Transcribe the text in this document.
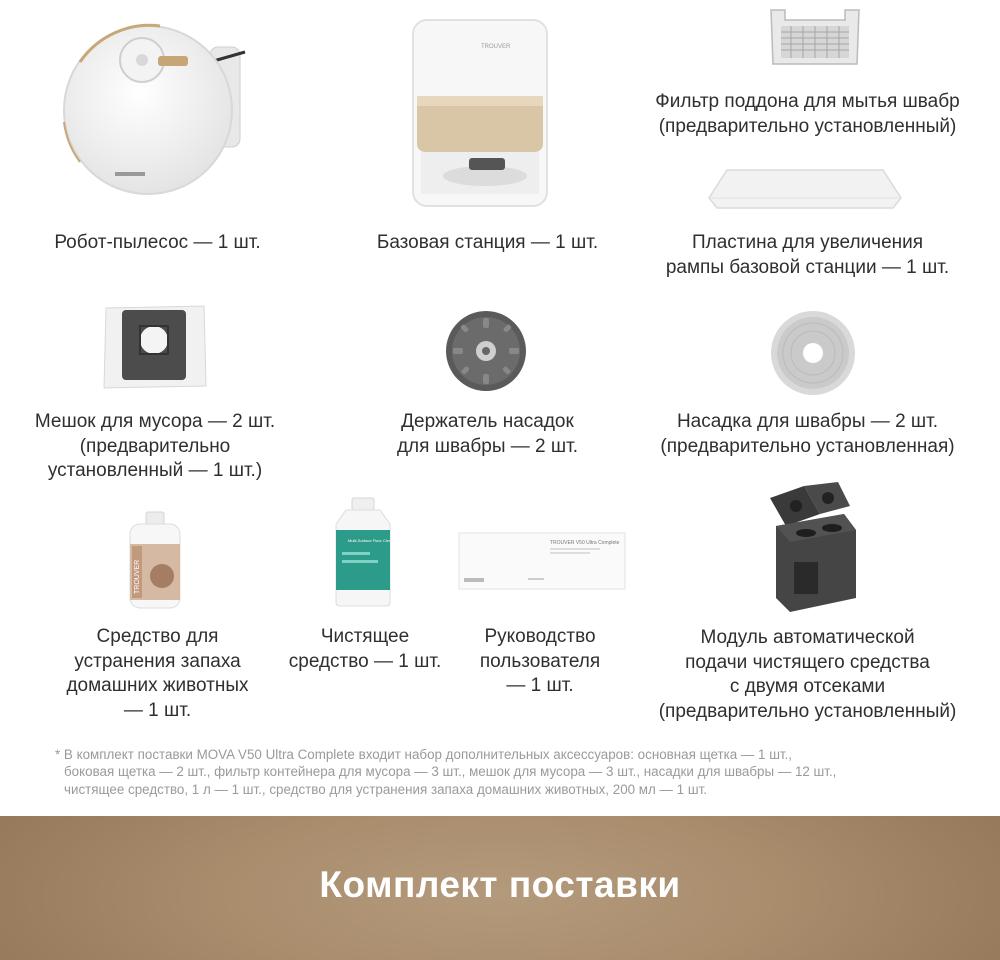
Робот-пылесос — 1 шт.
TROUVER
Базовая станция — 1 шт.
Фильтр поддона для мытья швабр
(предварительно установленный)
Пластина для увеличения
рампы базовой станции — 1 шт.
Мешок для мусора — 2 шт.
(предварительно
установленный — 1 шт.)
Держатель насадок
для швабры — 2 шт.
Насадка для швабры — 2 шт.
(предварительно установленная)
TROUVER
Средство для
устранения запаха
домашних животных
— 1 шт.
Multi-Surface Floor Cleaner
Чистящее
средство — 1 шт.
TROUVER V50 Ultra Complete
Руководство
пользователя
— 1 шт.
Модуль автоматической
подачи чистящего средства
с двумя отсеками
(предварительно установленный)
* В комплект поставки MOVA V50 Ultra Complete входит набор дополнительных аксессуаров: основная щетка — 1 шт.,
боковая щетка — 2 шт., фильтр контейнера для мусора — 3 шт., мешок для мусора — 3 шт., насадки для швабры — 12 шт.,
чистящее средство, 1 л — 1 шт., средство для устранения запаха домашних животных, 200 мл — 1 шт.
Комплект поставки
